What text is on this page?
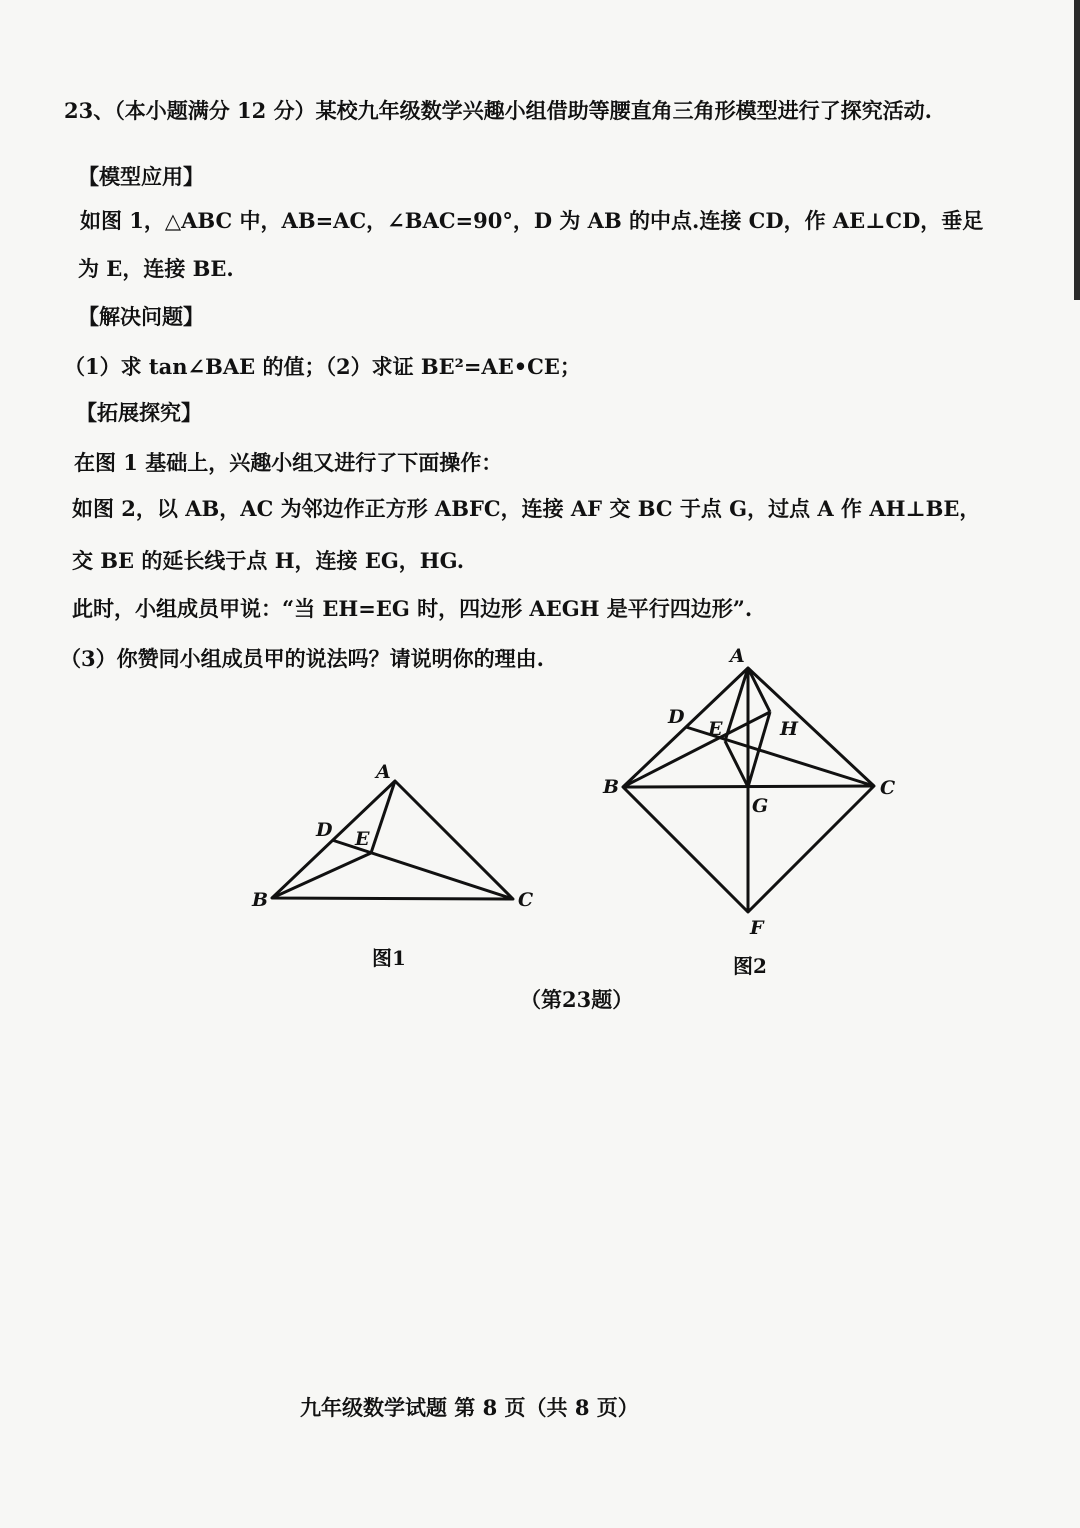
23、（本小题满分 12 分）某校九年级数学兴趣小组借助等腰直角三角形模型进行了探究活动.
【模型应用】
如图 1，△ABC 中，AB=AC，∠BAC=90°，D 为 AB 的中点.连接 CD，作 AE⊥CD，垂足
为 E，连接 BE.
【解决问题】
（1）求 tan∠BAE 的值；（2）求证 BE²=AE•CE；
【拓展探究】
在图 1 基础上，兴趣小组又进行了下面操作：
如图 2，以 AB，AC 为邻边作正方形 ABFC，连接 AF 交 BC 于点 G，过点 A 作 AH⊥BE，
交 BE 的延长线于点 H，连接 EG，HG.
此时，小组成员甲说：“当 EH=EG 时，四边形 AEGH 是平行四边形”.
（3）你赞同小组成员甲的说法吗？请说明你的理由.
A
D E
B	C
图1
A
D
E	H
B
G
C
F
图2
（第23题）
九年级数学试题 第 8 页（共 8 页）
